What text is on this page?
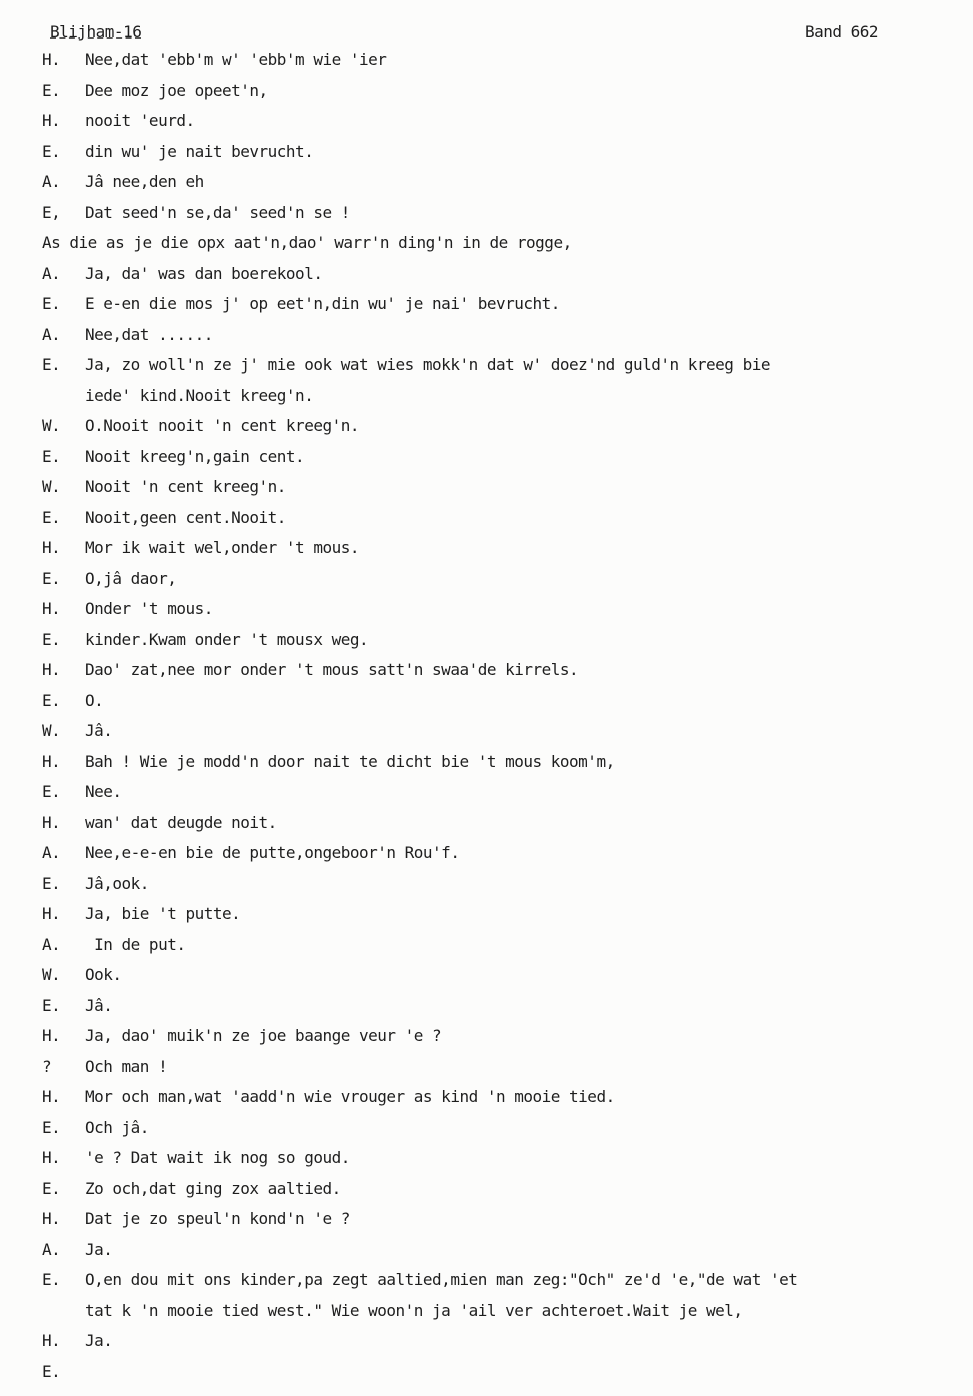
Blijham-16	Band 662
H.	Nee,dat 'ebb'm w' 'ebb'm wie 'ier
E.	Dee moz joe opeet'n,
H.	nooit 'eurd.
E.	din wu' je nait bevrucht.
A.	Jâ nee,den eh
E,	Dat seed'n se,da' seed'n se !
As die as je die opx aat'n,dao' warr'n ding'n in de rogge,
A.	Ja, da' was dan boerekool.
E.	E e-en die mos j' op eet'n,din wu' je nai' bevrucht.
A.	Nee,dat ......
E.	Ja, zo woll'n ze j' mie ook wat wies mokk'n dat w' doez'nd guld'n kreeg bie
iede' kind.Nooit kreeg'n.
W.	O.Nooit nooit 'n cent kreeg'n.
E.	Nooit kreeg'n,gain cent.
W.	Nooit 'n cent kreeg'n.
E.	Nooit,geen cent.Nooit.
H.	Mor ik wait wel,onder 't mous.
E.	O,jâ daor,
H.	Onder 't mous.
E.	kinder.Kwam onder 't mousx weg.
H.	Dao' zat,nee mor onder 't mous satt'n swaa'de kirrels.
E.	O.
W.	Jâ.
H.	Bah ! Wie je modd'n door nait te dicht bie 't mous koom'm,
E.	Nee.
H.	wan' dat deugde noit.
A.	Nee,e-e-en bie de putte,ongeboor'n Rou'f.
E.	Jâ,ook.
H.	Ja, bie 't putte.
A.	In de put.
W.	Ook.
E.	Jâ.
H.	Ja, dao' muik'n ze joe baange veur 'e ?
?	Och man !
H.	Mor och man,wat 'aadd'n wie vrouger as kind 'n mooie tied.
E.	Och jâ.
H.	'e ? Dat wait ik nog so goud.
E.	Zo och,dat ging zox aaltied.
H.	Dat je zo speul'n kond'n 'e ?
A.	Ja.
E.	O,en dou mit ons kinder,pa zegt aaltied,mien man zeg:"Och" ze'd 'e,"de wat 'et
tat k 'n mooie tied west." Wie woon'n ja 'ail ver achteroet.Wait je wel,
H.	Ja.
E.
